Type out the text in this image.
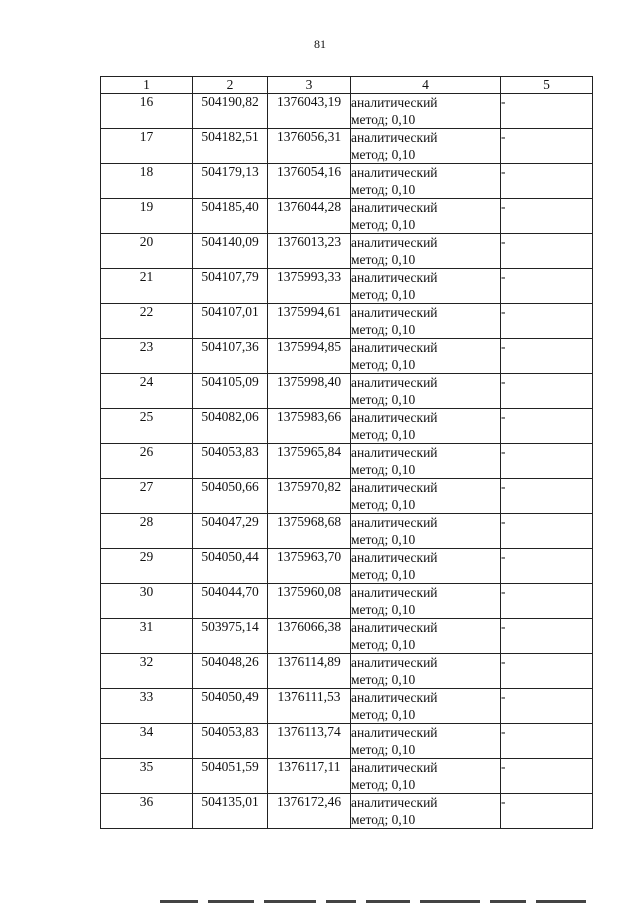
81
1	2	3	4	5
16	504190,82	1376043,19	аналитический
метод; 0,10	-
17	504182,51	1376056,31	аналитический
метод; 0,10	-
18	504179,13	1376054,16	аналитический
метод; 0,10	-
19	504185,40	1376044,28	аналитический
метод; 0,10	-
20	504140,09	1376013,23	аналитический
метод; 0,10	-
21	504107,79	1375993,33	аналитический
метод; 0,10	-
22	504107,01	1375994,61	аналитический
метод; 0,10	-
23	504107,36	1375994,85	аналитический
метод; 0,10	-
24	504105,09	1375998,40	аналитический
метод; 0,10	-
25	504082,06	1375983,66	аналитический
метод; 0,10	-
26	504053,83	1375965,84	аналитический
метод; 0,10	-
27	504050,66	1375970,82	аналитический
метод; 0,10	-
28	504047,29	1375968,68	аналитический
метод; 0,10	-
29	504050,44	1375963,70	аналитический
метод; 0,10	-
30	504044,70	1375960,08	аналитический
метод; 0,10	-
31	503975,14	1376066,38	аналитический
метод; 0,10	-
32	504048,26	1376114,89	аналитический
метод; 0,10	-
33	504050,49	1376111,53	аналитический
метод; 0,10	-
34	504053,83	1376113,74	аналитический
метод; 0,10	-
35	504051,59	1376117,11	аналитический
метод; 0,10	-
36	504135,01	1376172,46	аналитический
метод; 0,10	-
